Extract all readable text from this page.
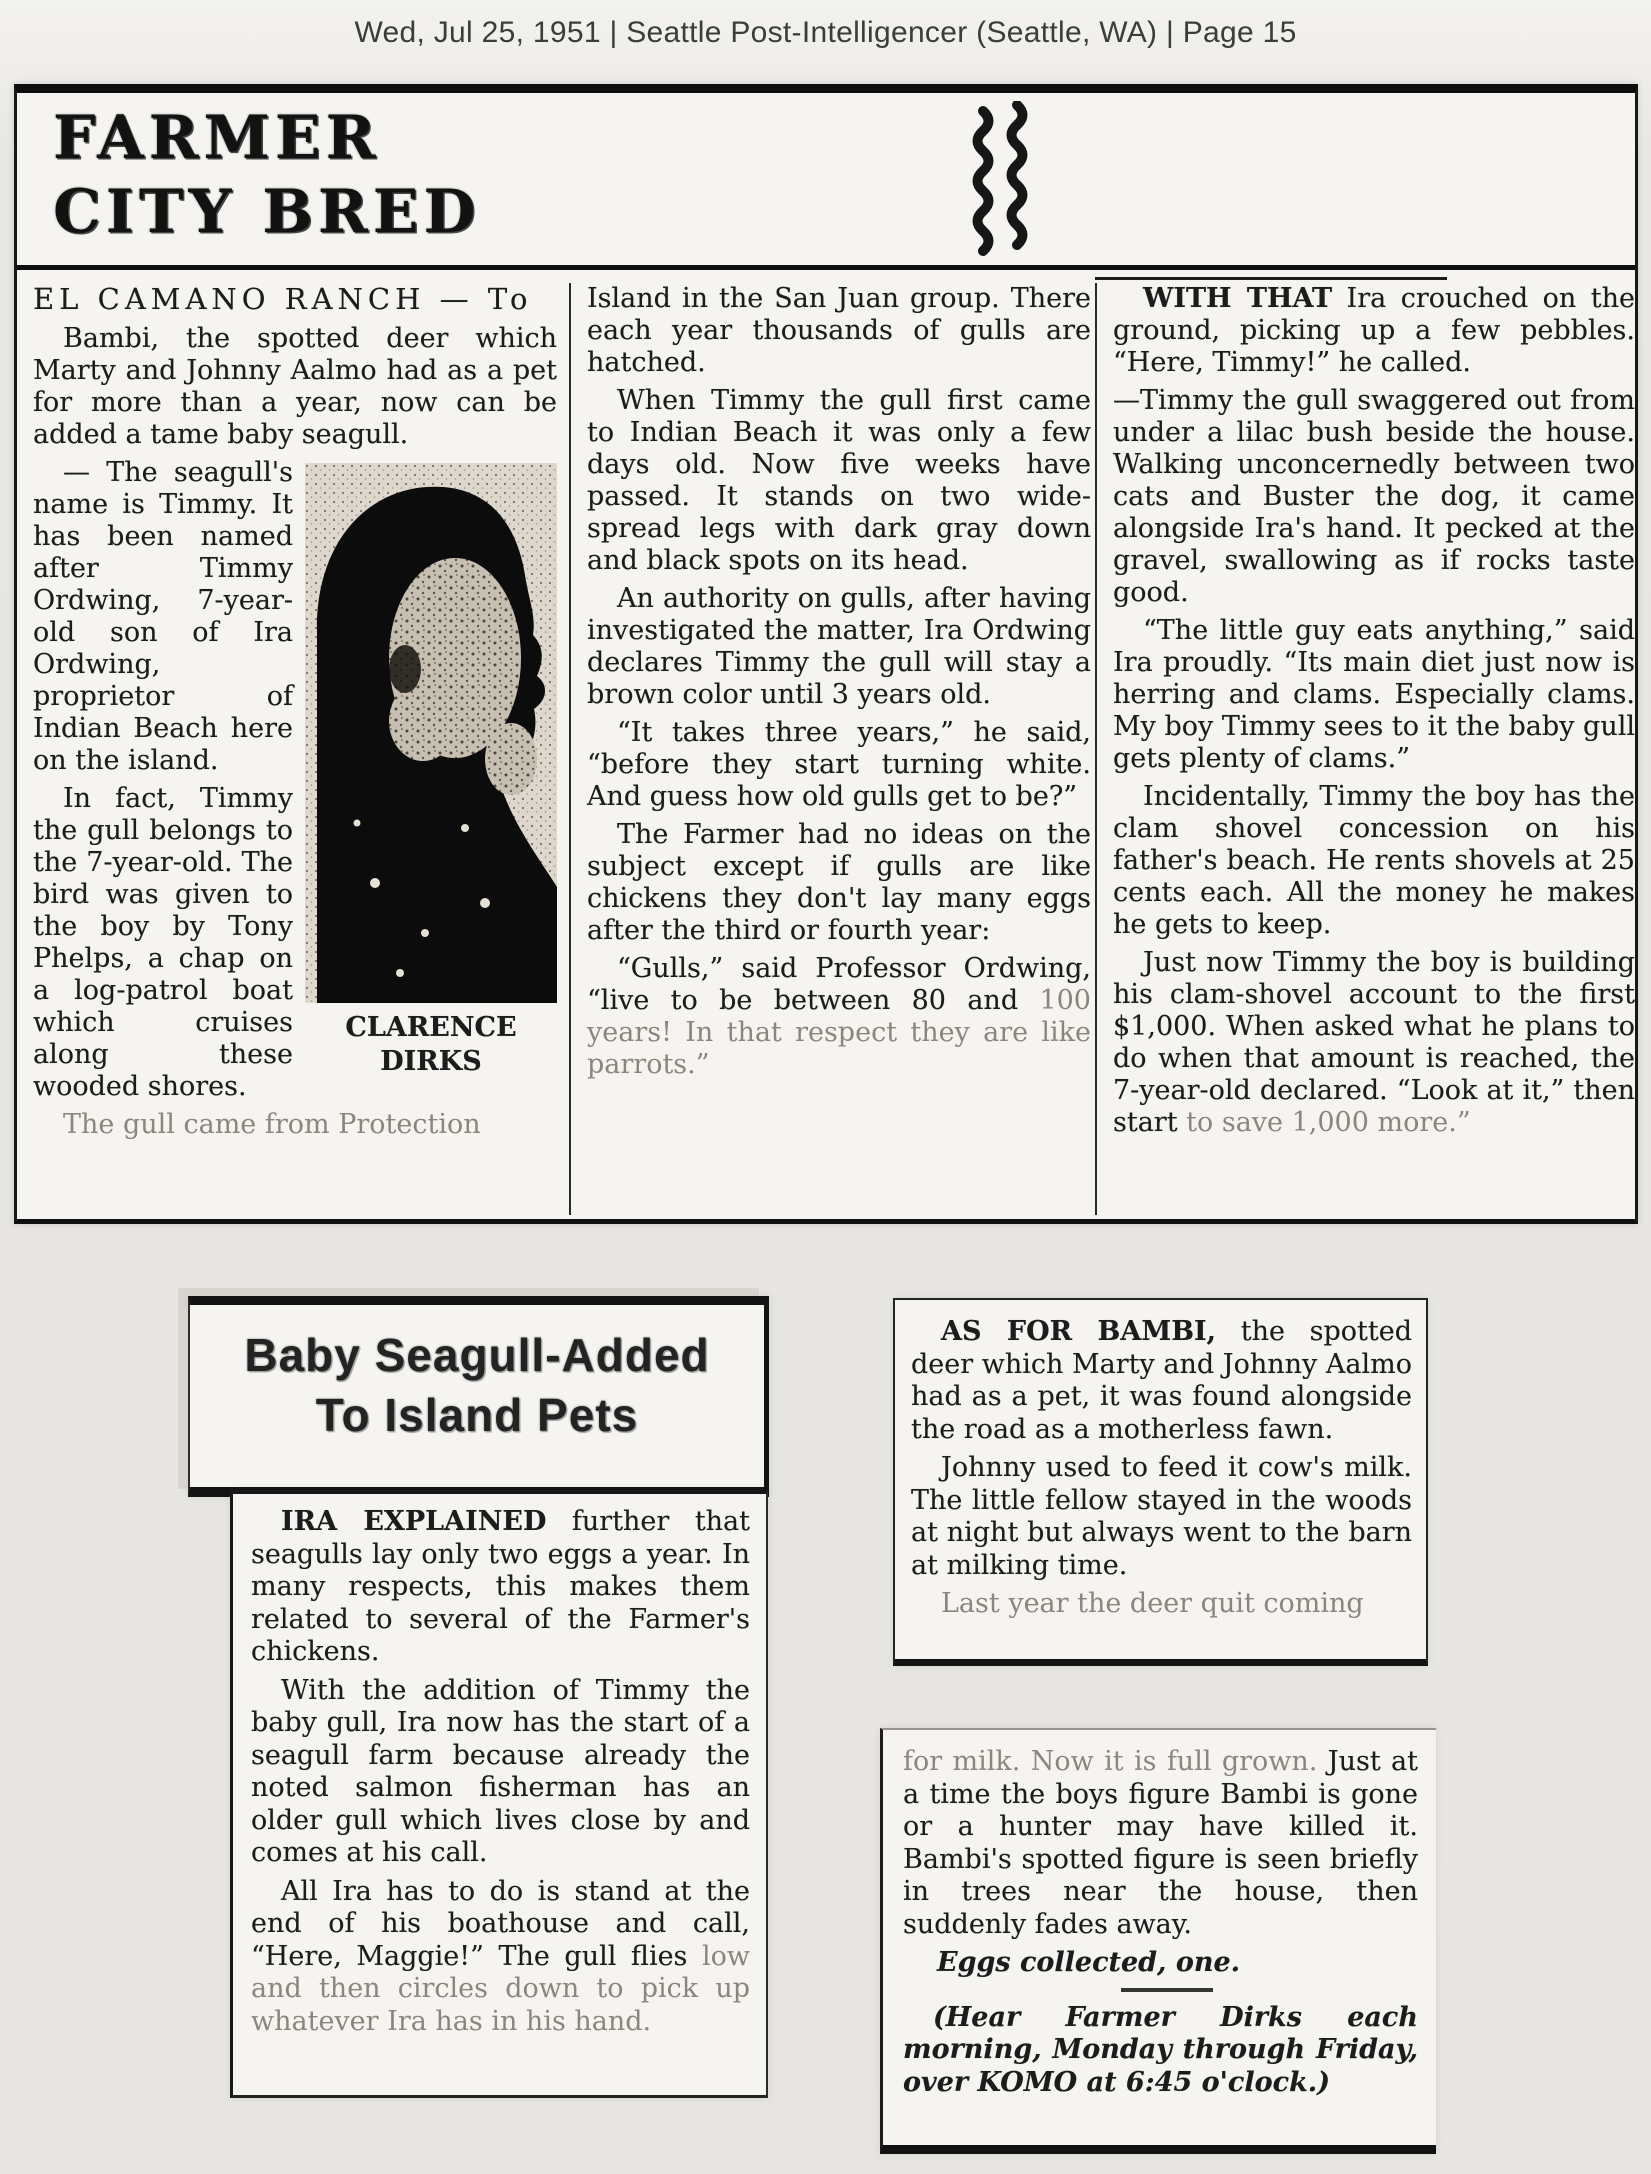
Wed, Jul 25, 1951 | Seattle Post-Intelligencer (Seattle, WA) | Page 15
FARMER
CITY BRED

EL CAMANO RANCH — To

Bambi, the spotted deer which Marty and Johnny Aalmo had as a pet for more than a year, now can be added a tame baby seagull.

CLARENCE
DIRKS

— The seagull's name is Timmy. It has been named after Timmy Ordwing, 7-year-old son of Ira Ordwing, proprietor of Indian Beach here on the island.

In fact, Timmy the gull belongs to the 7-year-old. The bird was given to the boy by Tony Phelps, a chap on a log-patrol boat which cruises along these wooded shores.

The gull came from Protection

Island in the San Juan group. There each year thousands of gulls are hatched.

When Timmy the gull first came to Indian Beach it was only a few days old. Now five weeks have passed. It stands on two wide-spread legs with dark gray down and black spots on its head.

An authority on gulls, after having investigated the matter, Ira Ordwing declares Timmy the gull will stay a brown color until 3 years old.

“It takes three years,” he said, “before they start turning white. And guess how old gulls get to be?”

The Farmer had no ideas on the subject except if gulls are like chickens they don't lay many eggs after the third or fourth year:

“Gulls,” said Professor Ordwing, “live to be between 80 and 100 years! In that respect they are like parrots.”

WITH THAT Ira crouched on the ground, picking up a few pebbles. “Here, Timmy!” he called.

—Timmy the gull swaggered out from under a lilac bush beside the house. Walking unconcernedly between two cats and Buster the dog, it came alongside Ira's hand. It pecked at the gravel, swallowing as if rocks taste good.

“The little guy eats anything,” said Ira proudly. “Its main diet just now is herring and clams. Especially clams. My boy Timmy sees to it the baby gull gets plenty of clams.”

Incidentally, Timmy the boy has the clam shovel concession on his father's beach. He rents shovels at 25 cents each. All the money he makes he gets to keep.

Just now Timmy the boy is building his clam-shovel account to the first $1,000. When asked what he plans to do when that amount is reached, the 7-year-old declared. “Look at it,” then start to save 1,000 more.”

Baby Seagull-Added
To Island Pets

IRA EXPLAINED further that seagulls lay only two eggs a year. In many respects, this makes them related to several of the Farmer's chickens.

With the addition of Timmy the baby gull, Ira now has the start of a seagull farm because already the noted salmon fisherman has an older gull which lives close by and comes at his call.

All Ira has to do is stand at the end of his boathouse and call, “Here, Maggie!” The gull flies low and then circles down to pick up whatever Ira has in his hand.

AS FOR BAMBI, the spotted deer which Marty and Johnny Aalmo had as a pet, it was found alongside the road as a motherless fawn.

Johnny used to feed it cow's milk. The little fellow stayed in the woods at night but always went to the barn at milking time.

Last year the deer quit coming

for milk. Now it is full grown. Just at a time the boys figure Bambi is gone or a hunter may have killed it. Bambi's spotted figure is seen briefly in trees near the house, then suddenly fades away.

Eggs collected, one.

(Hear Farmer Dirks each morning, Monday through Friday, over KOMO at 6:45 o'clock.)
